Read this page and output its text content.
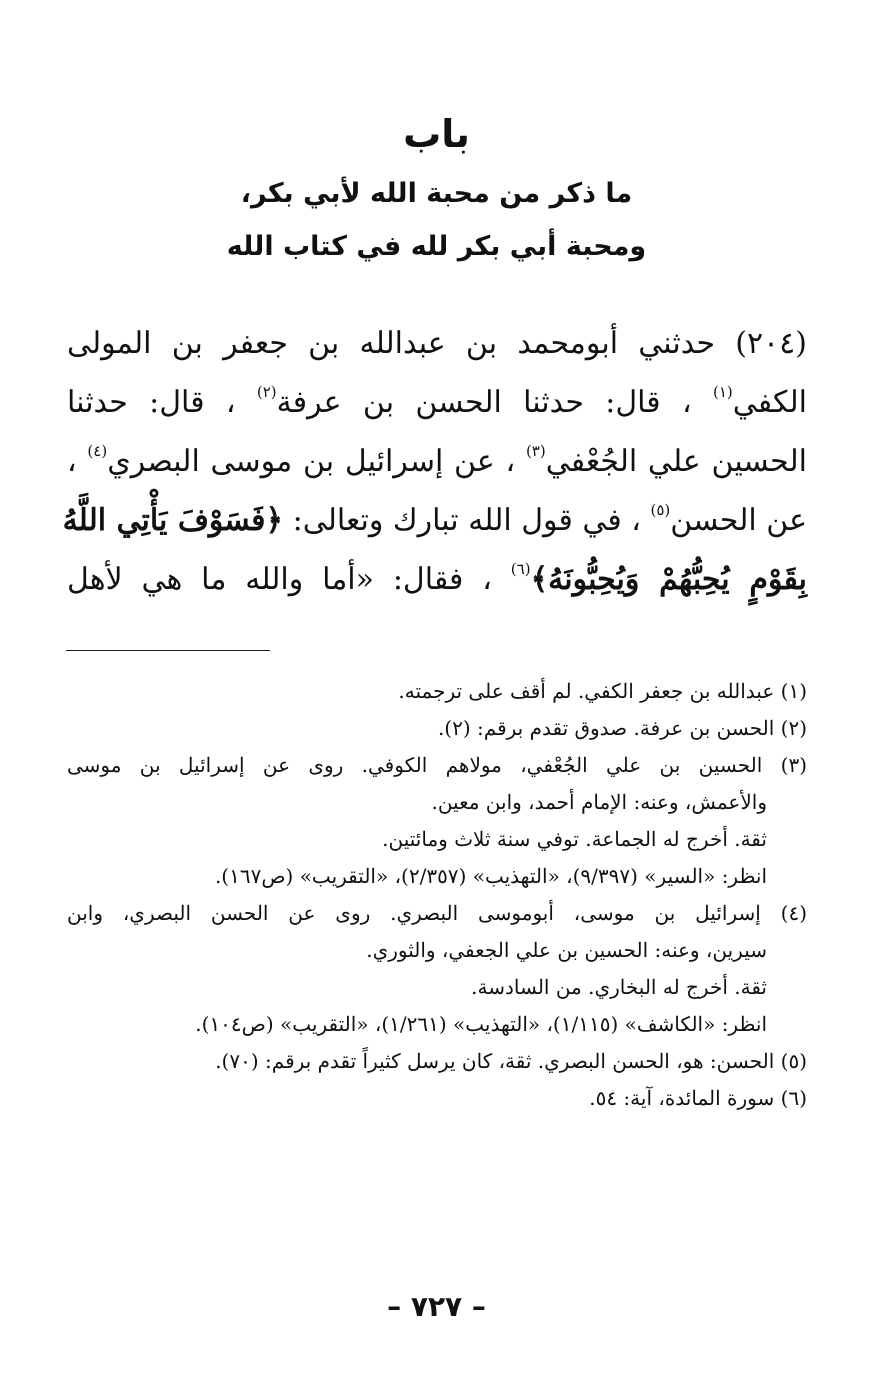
باب
ما ذكر من محبة الله لأبي بكر،
ومحبة أبي بكر لله في كتاب الله
(٢٠٤) حدثني أبومحمد بن عبدالله بن جعفر بن المولى
الكفي$^{(١)}$ ، قال: حدثنا الحسن بن عرفة$^{(٢)}$ ، قال: حدثنا
الحسين علي الجُعْفي$^{(٣)}$ ، عن إسرائيل بن موسى البصري$^{(٤)}$ ،
عن الحسن$^{(٥)}$ ، في قول الله تبارك وتعالى: ﴿فَسَوْفَ يَأْتِي اللَّهُ
بِقَوْمٍ يُحِبُّهُمْ وَيُحِبُّونَهُ﴾$^{(٦)}$ ، فقال: «أما والله ما هي لأهل
(١) عبدالله بن جعفر الكفي. لم أقف على ترجمته.
(٢) الحسن بن عرفة. صدوق تقدم برقم: (٢).
(٣) الحسين بن علي الجُعْفي، مولاهم الكوفي. روى عن إسرائيل بن موسى
والأعمش، وعنه: الإمام أحمد، وابن معين.
ثقة. أخرج له الجماعة. توفي سنة ثلاث ومائتين.
انظر: «السير» (٩/٣٩٧)، «التهذيب» (٢/٣٥٧)، «التقريب» (ص١٦٧).
(٤) إسرائيل بن موسى، أبوموسى البصري. روى عن الحسن البصري، وابن
سيرين، وعنه: الحسين بن علي الجعفي، والثوري.
ثقة. أخرج له البخاري. من السادسة.
انظر: «الكاشف» (١/١١٥)، «التهذيب» (١/٢٦١)، «التقريب» (ص١٠٤).
(٥) الحسن: هو، الحسن البصري. ثقة، كان يرسل كثيراً تقدم برقم: (٧٠).
(٦) سورة المائدة، آية: ٥٤.
– ٧٢٧ –
